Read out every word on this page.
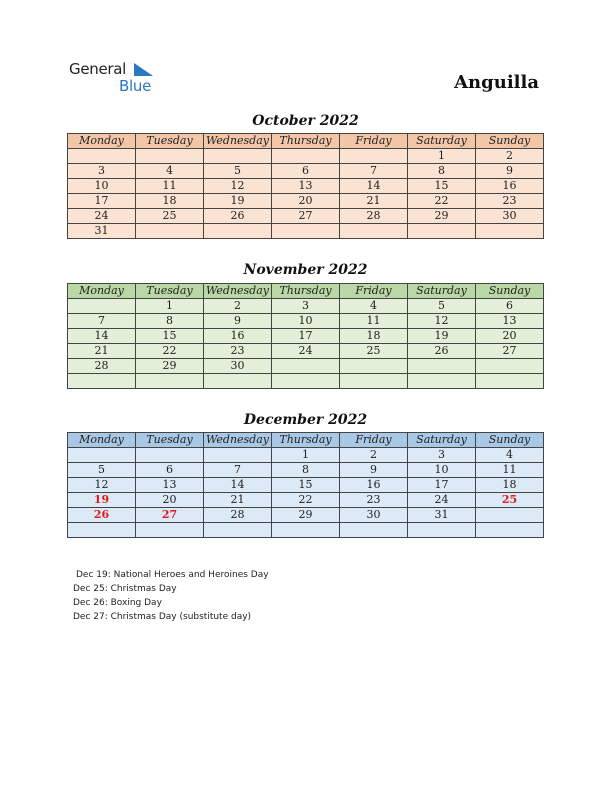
General
Blue	Anguilla
October 2022
Monday	Tuesday	Wednesday	Thursday	Friday	Saturday	Sunday
					1	2
3	4	5	6	7	8	9
10	11	12	13	14	15	16
17	18	19	20	21	22	23
24	25	26	27	28	29	30
31						
November 2022
Monday	Tuesday	Wednesday	Thursday	Friday	Saturday	Sunday
	1	2	3	4	5	6
7	8	9	10	11	12	13
14	15	16	17	18	19	20
21	22	23	24	25	26	27
28	29	30				

December 2022
Monday	Tuesday	Wednesday	Thursday	Friday	Saturday	Sunday
			1	2	3	4
5	6	7	8	9	10	11
12	13	14	15	16	17	18
19	20	21	22	23	24	25
26	27	28	29	30	31	

Dec 19: National Heroes and Heroines Day
Dec 25: Christmas Day
Dec 26: Boxing Day
Dec 27: Christmas Day (substitute day)
